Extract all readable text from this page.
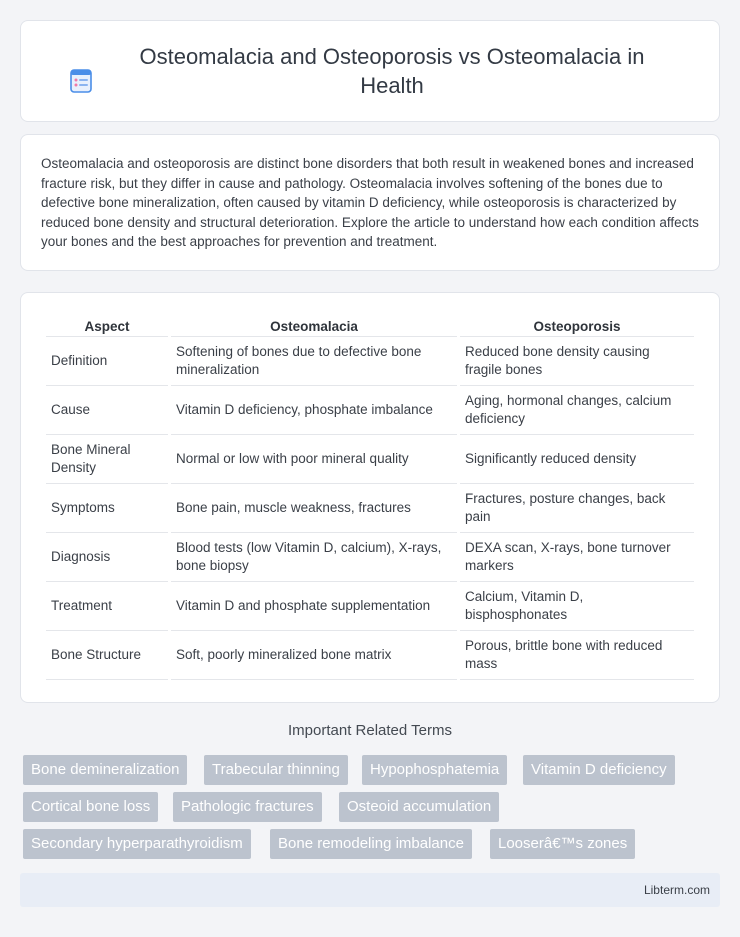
Osteomalacia and Osteoporosis vs Osteomalacia in Health

Osteomalacia and osteoporosis are distinct bone disorders that both result in weakened bones and increased fracture risk, but they differ in cause and pathology. Osteomalacia involves softening of the bones due to defective bone mineralization, often caused by vitamin D deficiency, while osteoporosis is characterized by reduced bone density and structural deterioration. Explore the article to understand how each condition affects your bones and the best approaches for prevention and treatment.

Aspect	Osteomalacia	Osteoporosis
Definition	Softening of bones due to defective bone mineralization	Reduced bone density causing fragile bones
Cause	Vitamin D deficiency, phosphate imbalance	Aging, hormonal changes, calcium deficiency
Bone Mineral Density	Normal or low with poor mineral quality	Significantly reduced density
Symptoms	Bone pain, muscle weakness, fractures	Fractures, posture changes, back pain
Diagnosis	Blood tests (low Vitamin D, calcium), X-rays, bone biopsy	DEXA scan, X-rays, bone turnover markers
Treatment	Vitamin D and phosphate supplementation	Calcium, Vitamin D, bisphosphonates
Bone Structure	Soft, poorly mineralized bone matrix	Porous, brittle bone with reduced mass
Important Related Terms
Bone demineralization	Trabecular thinning	Hypophosphatemia	Vitamin D deficiency
Cortical bone loss	Pathologic fractures	Osteoid accumulation
Secondary hyperparathyroidism	Bone remodeling imbalance	Looserâ€™s zones
Libterm.com
